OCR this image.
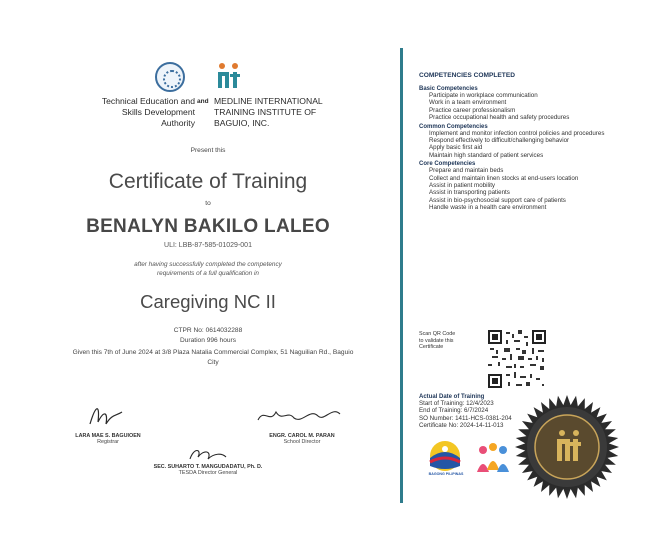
Technical Education and
Skills Development Authority
and MEDLINE INTERNATIONAL
TRAINING INSTITUTE OF
BAGUIO, INC.
Present this
Certificate of Training
to
BENALYN BAKILO LALEO
ULI: LBB-87-585-01029-001
after having successfully completed the competency requirements of a full qualification in
Caregiving NC II
CTPR No: 0614032288
Duration 996 hours
Given this 7th of June 2024 at 3/8 Plaza Natalia Commercial Complex, 51 Naguilian Rd., Baguio City
LARA MAE S. BAGUIOEN
Registrar
ENGR. CAROL M. PARAN
School Director
SEC. SUHARTO T. MANGUDADATU, Ph. D.
TESDA Director General
COMPETENCIES COMPLETED
Basic Competencies
Participate in workplace communication
Work in a team environment
Practice career professionalism
Practice occupational health and safety procedures
Common Competencies
Implement and monitor infection control policies and procedures
Respond effectively to difficult/challenging behavior
Apply basic first aid
Maintain high standard of patient services
Core Competencies
Prepare and maintain beds
Collect and maintain linen stocks at end-users location
Assist in patient mobility
Assist in transporting patients
Assist in bio-psychosocial support care of patients
Handle waste in a health care environment
Scan QR Code
to validate this
Certificate
Actual Date of Training
Start of Training: 12/4/2023
End of Training: 6/7/2024
SO Number: 1411-HCS-0381-204
Certificate No: 2024-14-11-013
BAGONG PILIPINAS
